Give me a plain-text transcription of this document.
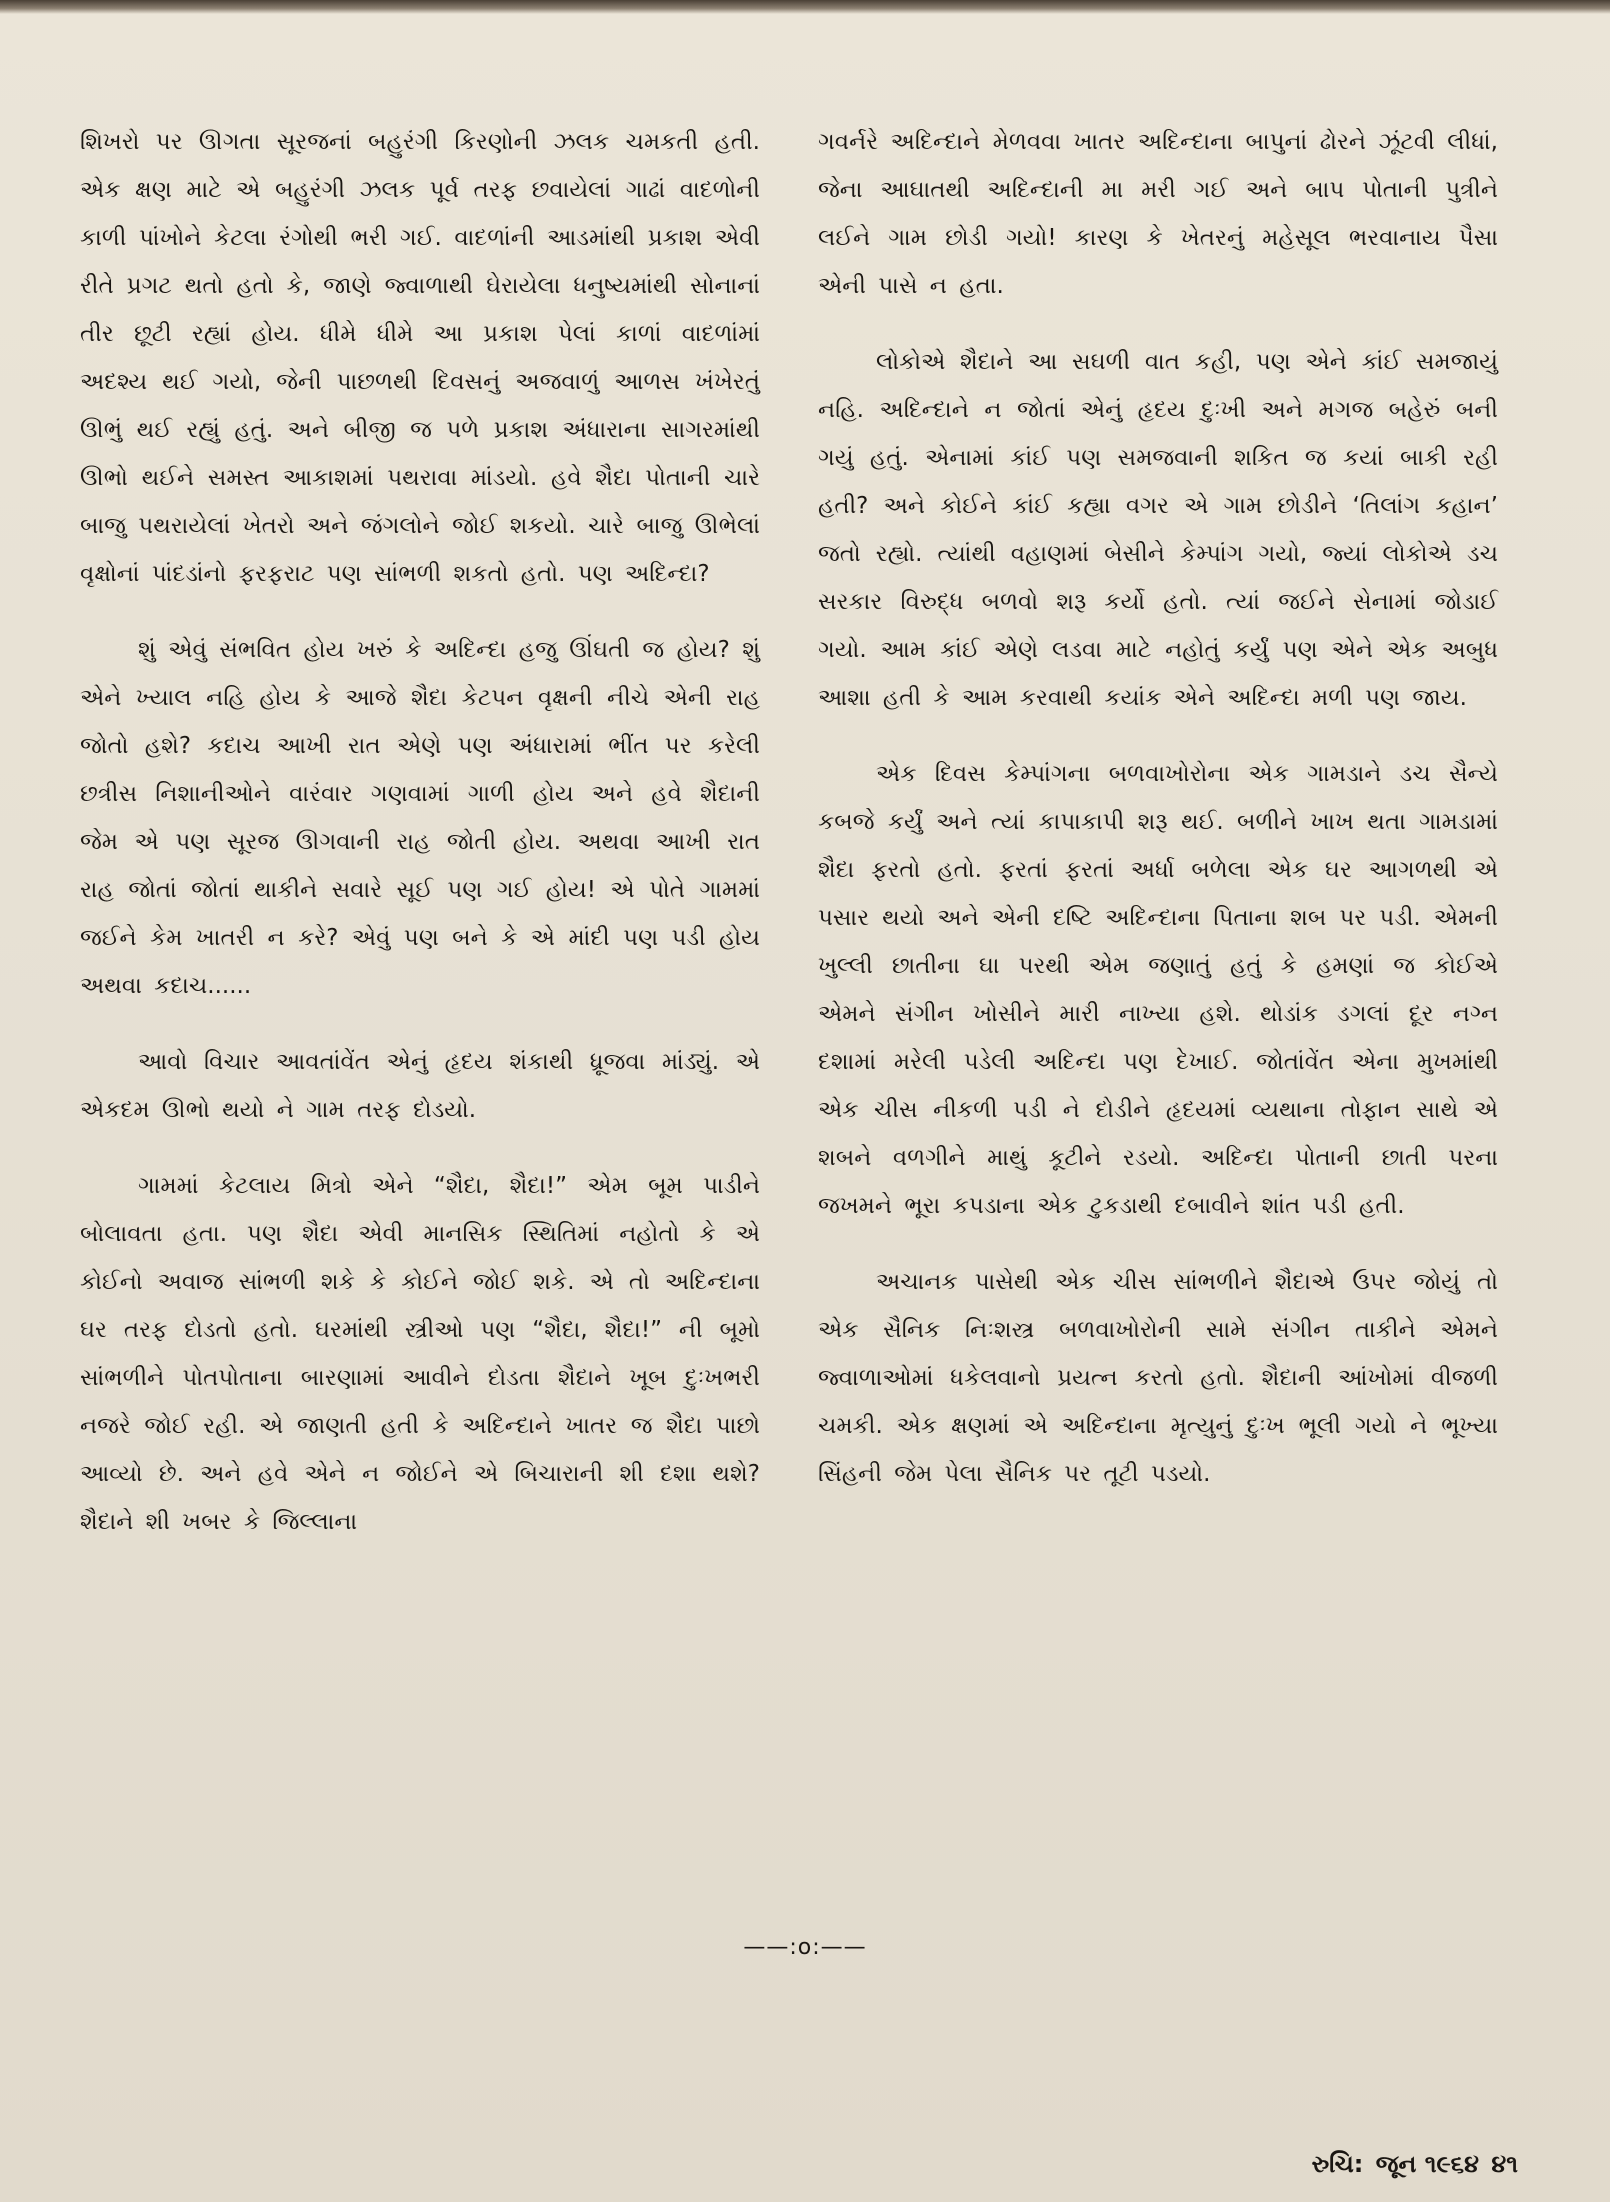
શિખરો પર ઊગતા સૂરજનાં બહુરંગી કિરણોની ઝલક ચમકતી હતી. એક ક્ષણ માટે એ બહુરંગી ઝલક પૂર્વ તરફ છવાયેલાં ગાઢાં વાદળોની કાળી પાંખોને કેટલા રંગોથી ભરી ગઈ. વાદળાંની આડમાંથી પ્રકાશ એવી રીતે પ્રગટ થતો હતો કે, જાણે જ્વાળાથી ઘેરાયેલા ધનુષ્યમાંથી સોનાનાં તીર છૂટી રહ્યાં હોય. ધીમે ધીમે આ પ્રકાશ પેલાં કાળાં વાદળાંમાં અદશ્ય થઈ ગયો, જેની પાછળથી દિવસનું અજવાળું આળસ ખંખેરતું ઊભું થઈ રહ્યું હતું. અને બીજી જ પળે પ્રકાશ અંધારાના સાગરમાંથી ઊભો થઈને સમસ્ત આકાશમાં પથરાવા માંડયો. હવે શૈદા પોતાની ચારે બાજુ પથરાયેલાં ખેતરો અને જંગલોને જોઈ શકયો. ચારે બાજુ ઊભેલાં વૃક્ષોનાં પાંદડાંનો ફરફરાટ પણ સાંભળી શકતો હતો. પણ અદિન્દા?

શું એવું સંભવિત હોય ખરું કે અદિન્દા હજુ ઊંઘતી જ હોય? શું એને ખ્યાલ નહિ હોય કે આજે શૈદા કેટપન વૃક્ષની નીચે એની રાહ જોતો હશે? કદાચ આખી રાત એણે પણ અંધારામાં ભીંત પર કરેલી છત્રીસ નિશાનીઓને વારંવાર ગણવામાં ગાળી હોય અને હવે શૈદાની જેમ એ પણ સૂરજ ઊગવાની રાહ જોતી હોય. અથવા આખી રાત રાહ જોતાં જોતાં થાકીને સવારે સૂઈ પણ ગઈ હોય! એ પોતે ગામમાં જઈને કેમ ખાતરી ન કરે? એવું પણ બને કે એ માંદી પણ પડી હોય અથવા કદાચ......

આવો વિચાર આવતાંવેંત એનું હૃદય શંકાથી ધ્રૂજવા માંડ્યું. એ એકદમ ઊભો થયો ને ગામ તરફ દોડયો.

ગામમાં કેટલાય મિત્રો એને “શૈદા, શૈદા!” એમ બૂમ પાડીને બોલાવતા હતા. પણ શૈદા એવી માનસિક સ્થિતિમાં નહોતો કે એ કોઈનો અવાજ સાંભળી શકે કે કોઈને જોઈ શકે. એ તો અદિન્દાના ઘર તરફ દોડતો હતો. ઘરમાંથી સ્ત્રીઓ પણ “શૈદા, શૈદા!” ની બૂમો સાંભળીને પોતપોતાના બારણામાં આવીને દોડતા શૈદાને ખૂબ દુઃખભરી નજરે જોઈ રહી. એ જાણતી હતી કે અદિન્દાને ખાતર જ શૈદા પાછો આવ્યો છે. અને હવે એને ન જોઈને એ બિચારાની શી દશા થશે? શૈદાને શી ખબર કે જિલ્લાના

ગવર્નરે અદિન્દાને મેળવવા ખાતર અદિન્દાના બાપુનાં ઢોરને ઝૂંટવી લીધાં, જેના આઘાતથી અદિન્દાની મા મરી ગઈ અને બાપ પોતાની પુત્રીને લઈને ગામ છોડી ગયો! કારણ કે ખેતરનું મહેસૂલ ભરવાનાય પૈસા એની પાસે ન હતા.

લોકોએ શૈદાને આ સઘળી વાત કહી, પણ એને કાંઈ સમજાયું નહિ. અદિન્દાને ન જોતાં એનું હૃદય દુઃખી અને મગજ બહેરું બની ગયું હતું. એનામાં કાંઈ પણ સમજવાની શકિત જ કયાં બાકી રહી હતી? અને કોઈને કાંઈ કહ્યા વગર એ ગામ છોડીને ‘તિલાંગ કહાન’ જતો રહ્યો. ત્યાંથી વહાણમાં બેસીને કેમ્પાંગ ગયો, જ્યાં લોકોએ ડચ સરકાર વિરુદ્ધ બળવો શરૂ કર્યો હતો. ત્યાં જઈને સેનામાં જોડાઈ ગયો. આમ કાંઈ એણે લડવા માટે નહોતું કર્યું પણ એને એક અબુધ આશા હતી કે આમ કરવાથી કયાંક એને અદિન્દા મળી પણ જાય.

એક દિવસ કેમ્પાંગના બળવાખોરોના એક ગામડાને ડચ સૈન્યે કબજે કર્યું અને ત્યાં કાપાકાપી શરૂ થઈ. બળીને ખાખ થતા ગામડામાં શૈદા ફરતો હતો. ફરતાં ફરતાં અર્ધા બળેલા એક ઘર આગળથી એ પસાર થયો અને એની દષ્ટિ અદિન્દાના પિતાના શબ પર પડી. એમની ખુલ્લી છાતીના ઘા પરથી એમ જણાતું હતું કે હમણાં જ કોઈએ એમને સંગીન ખોસીને મારી નાખ્યા હશે. થોડાંક ડગલાં દૂર નગ્ન દશામાં મરેલી પડેલી અદિન્દા પણ દેખાઈ. જોતાંવેંત એના મુખમાંથી એક ચીસ નીકળી પડી ને દોડીને હૃદયમાં વ્યથાના તોફાન સાથે એ શબને વળગીને માથું કૂટીને રડયો. અદિન્દા પોતાની છાતી પરના જખમને ભૂરા કપડાના એક ટુકડાથી દબાવીને શાંત પડી હતી.

અચાનક પાસેથી એક ચીસ સાંભળીને શૈદાએ ઉપર જોયું તો એક સૈનિક નિઃશસ્ત્ર બળવાખોરોની સામે સંગીન તાકીને એમને જ્વાળાઓમાં ધકેલવાનો પ્રયત્ન કરતો હતો. શૈદાની આંખોમાં વીજળી ચમકી. એક ક્ષણમાં એ અદિન્દાના મૃત્યુનું દુઃખ ભૂલી ગયો ને ભૂખ્યા સિંહની જેમ પેલા સૈનિક પર તૂટી પડયો.

——:o:——
રુચિ: જૂન ૧૯૬૪ ૪૧
